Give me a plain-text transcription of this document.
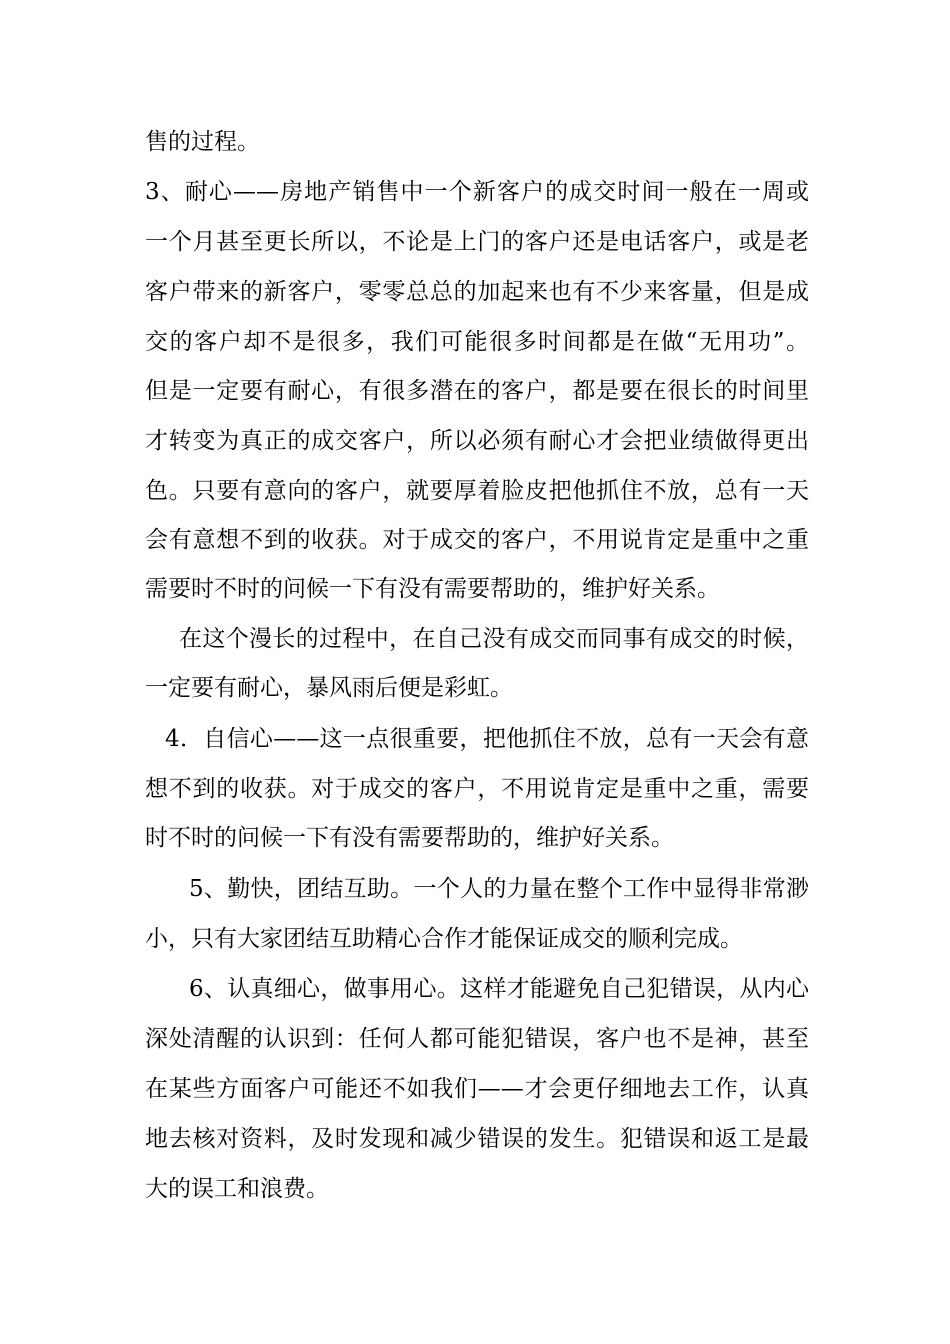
售的过程。
3、耐心——房地产销售中一个新客户的成交时间一般在一周或
一个月甚至更长所以，不论是上门的客户还是电话客户，或是老
客户带来的新客户，零零总总的加起来也有不少来客量，但是成
交的客户却不是很多，我们可能很多时间都是在做“无用功”。
但是一定要有耐心，有很多潜在的客户，都是要在很长的时间里
才转变为真正的成交客户，所以必须有耐心才会把业绩做得更出
色。只要有意向的客户，就要厚着脸皮把他抓住不放，总有一天
会有意想不到的收获。对于成交的客户，不用说肯定是重中之重
需要时不时的问候一下有没有需要帮助的，维护好关系。
在这个漫长的过程中，在自己没有成交而同事有成交的时候，
一定要有耐心，暴风雨后便是彩虹。
4．自信心——这一点很重要，把他抓住不放，总有一天会有意
想不到的收获。对于成交的客户，不用说肯定是重中之重，需要
时不时的问候一下有没有需要帮助的，维护好关系。
5、勤快，团结互助。一个人的力量在整个工作中显得非常渺
小，只有大家团结互助精心合作才能保证成交的顺利完成。
6、认真细心，做事用心。这样才能避免自己犯错误，从内心
深处清醒的认识到：任何人都可能犯错误，客户也不是神，甚至
在某些方面客户可能还不如我们——才会更仔细地去工作，认真
地去核对资料，及时发现和减少错误的发生。犯错误和返工是最
大的误工和浪费。
